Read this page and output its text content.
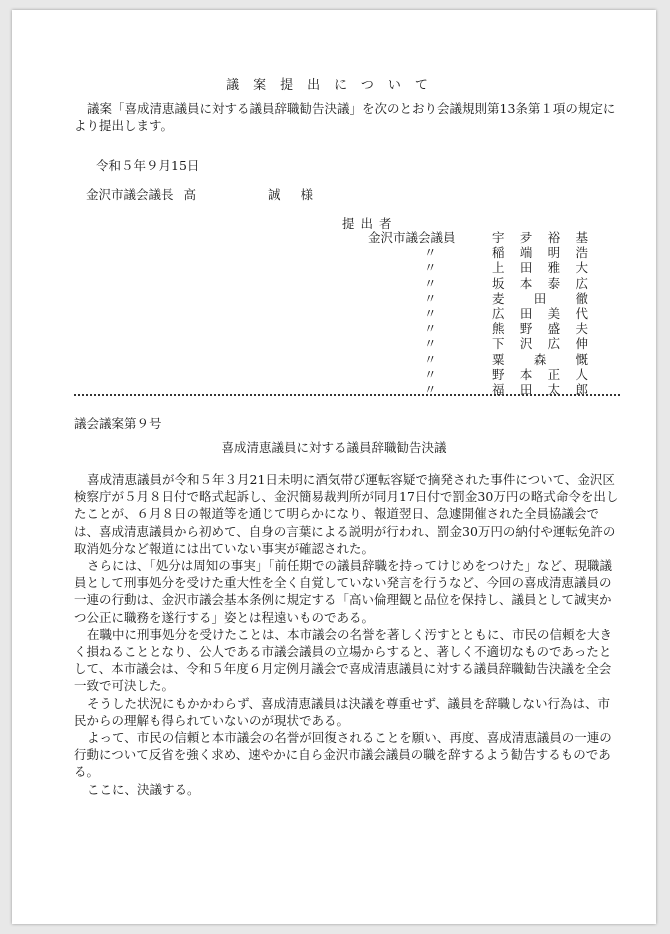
議案提出について
議案「喜成清恵議員に対する議員辞職勧告決議」を次のとおり会議規則第13条第１項の規定により提出します。
令和５年９月15日
金沢市議会議長 高	誠 様
提出者
金沢市議会議員	宇 夛 裕 基
〃	稲 端 明 浩
〃	上 田 雅 大
〃	坂 本 泰 広
〃	麦 田 徹
〃	広 田 美 代
〃	熊 野 盛 夫
〃	下 沢 広 伸
〃	粟 森 慨
〃	野 本 正 人
〃	福 田 太 郎
議会議案第９号
喜成清恵議員に対する議員辞職勧告決議

喜成清恵議員が令和５年３月21日未明に酒気帯び運転容疑で摘発された事件について、金沢区検察庁が５月８日付で略式起訴し、金沢簡易裁判所が同月17日付で罰金30万円の略式命令を出したことが、６月８日の報道等を通じて明らかになり、報道翌日、急遽開催された全員協議会では、喜成清恵議員から初めて、自身の言葉による説明が行われ、罰金30万円の納付や運転免許の取消処分など報道には出ていない事実が確認された。

さらには、「処分は周知の事実」「前任期での議員辞職を持ってけじめをつけた」など、現職議員として刑事処分を受けた重大性を全く自覚していない発言を行うなど、今回の喜成清恵議員の一連の行動は、金沢市議会基本条例に規定する「高い倫理観と品位を保持し、議員として誠実かつ公正に職務を遂行する」姿とは程遠いものである。

在職中に刑事処分を受けたことは、本市議会の名誉を著しく汚すとともに、市民の信頼を大きく損ねることとなり、公人である市議会議員の立場からすると、著しく不適切なものであったとして、本市議会は、令和５年度６月定例月議会で喜成清恵議員に対する議員辞職勧告決議を全会一致で可決した。

そうした状況にもかかわらず、喜成清恵議員は決議を尊重せず、議員を辞職しない行為は、市民からの理解も得られていないのが現状である。

よって、市民の信頼と本市議会の名誉が回復されることを願い、再度、喜成清恵議員の一連の行動について反省を強く求め、速やかに自ら金沢市議会議員の職を辞するよう勧告するものである。

ここに、決議する。
